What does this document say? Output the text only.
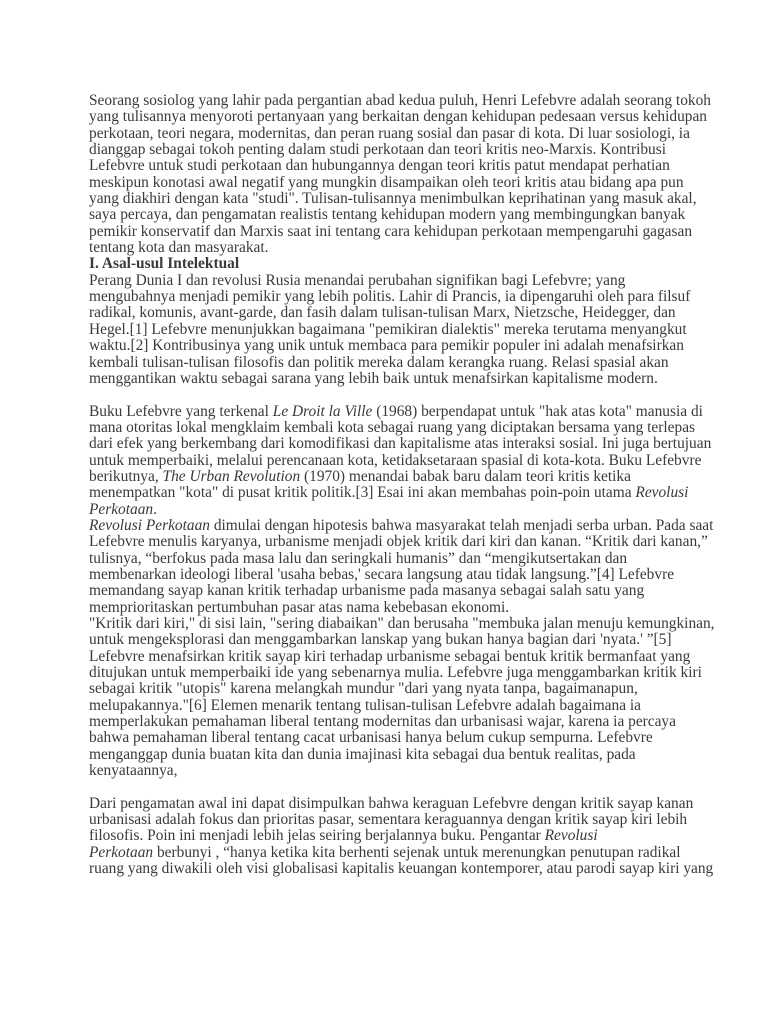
Seorang sosiolog yang lahir pada pergantian abad kedua puluh, Henri Lefebvre adalah seorang tokoh
yang tulisannya menyoroti pertanyaan yang berkaitan dengan kehidupan pedesaan versus kehidupan
perkotaan, teori negara, modernitas, dan peran ruang sosial dan pasar di kota. Di luar sosiologi, ia
dianggap sebagai tokoh penting dalam studi perkotaan dan teori kritis neo-Marxis. Kontribusi
Lefebvre untuk studi perkotaan dan hubungannya dengan teori kritis patut mendapat perhatian
meskipun konotasi awal negatif yang mungkin disampaikan oleh teori kritis atau bidang apa pun
yang diakhiri dengan kata "studi". Tulisan-tulisannya menimbulkan keprihatinan yang masuk akal,
saya percaya, dan pengamatan realistis tentang kehidupan modern yang membingungkan banyak
pemikir konservatif dan Marxis saat ini tentang cara kehidupan perkotaan mempengaruhi gagasan
tentang kota dan masyarakat.

I. Asal-usul Intelektual

Perang Dunia I dan revolusi Rusia menandai perubahan signifikan bagi Lefebvre; yang
mengubahnya menjadi pemikir yang lebih politis. Lahir di Prancis, ia dipengaruhi oleh para filsuf
radikal, komunis, avant-garde, dan fasih dalam tulisan-tulisan Marx, Nietzsche, Heidegger, dan
Hegel.[1] Lefebvre menunjukkan bagaimana "pemikiran dialektis" mereka terutama menyangkut
waktu.[2] Kontribusinya yang unik untuk membaca para pemikir populer ini adalah menafsirkan
kembali tulisan-tulisan filosofis dan politik mereka dalam kerangka ruang. Relasi spasial akan
menggantikan waktu sebagai sarana yang lebih baik untuk menafsirkan kapitalisme modern.

Buku Lefebvre yang terkenal Le Droit la Ville (1968) berpendapat untuk "hak atas kota" manusia di
mana otoritas lokal mengklaim kembali kota sebagai ruang yang diciptakan bersama yang terlepas
dari efek yang berkembang dari komodifikasi dan kapitalisme atas interaksi sosial. Ini juga bertujuan
untuk memperbaiki, melalui perencanaan kota, ketidaksetaraan spasial di kota-kota. Buku Lefebvre
berikutnya, The Urban Revolution (1970) menandai babak baru dalam teori kritis ketika
menempatkan "kota" di pusat kritik politik.[3] Esai ini akan membahas poin-poin utama Revolusi
Perkotaan.

Revolusi Perkotaan dimulai dengan hipotesis bahwa masyarakat telah menjadi serba urban. Pada saat
Lefebvre menulis karyanya, urbanisme menjadi objek kritik dari kiri dan kanan. “Kritik dari kanan,”
tulisnya, “berfokus pada masa lalu dan seringkali humanis” dan “mengikutsertakan dan
membenarkan ideologi liberal 'usaha bebas,' secara langsung atau tidak langsung.”[4] Lefebvre
memandang sayap kanan kritik terhadap urbanisme pada masanya sebagai salah satu yang
memprioritaskan pertumbuhan pasar atas nama kebebasan ekonomi.
"Kritik dari kiri," di sisi lain, "sering diabaikan" dan berusaha "membuka jalan menuju kemungkinan,
untuk mengeksplorasi dan menggambarkan lanskap yang bukan hanya bagian dari 'nyata.' ”[5]
Lefebvre menafsirkan kritik sayap kiri terhadap urbanisme sebagai bentuk kritik bermanfaat yang
ditujukan untuk memperbaiki ide yang sebenarnya mulia. Lefebvre juga menggambarkan kritik kiri
sebagai kritik "utopis" karena melangkah mundur "dari yang nyata tanpa, bagaimanapun,
melupakannya."[6] Elemen menarik tentang tulisan-tulisan Lefebvre adalah bagaimana ia
memperlakukan pemahaman liberal tentang modernitas dan urbanisasi wajar, karena ia percaya
bahwa pemahaman liberal tentang cacat urbanisasi hanya belum cukup sempurna. Lefebvre
menganggap dunia buatan kita dan dunia imajinasi kita sebagai dua bentuk realitas, pada
kenyataannya,

Dari pengamatan awal ini dapat disimpulkan bahwa keraguan Lefebvre dengan kritik sayap kanan
urbanisasi adalah fokus dan prioritas pasar, sementara keraguannya dengan kritik sayap kiri lebih
filosofis. Poin ini menjadi lebih jelas seiring berjalannya buku. Pengantar Revolusi
Perkotaan berbunyi , “hanya ketika kita berhenti sejenak untuk merenungkan penutupan radikal
ruang yang diwakili oleh visi globalisasi kapitalis keuangan kontemporer, atau parodi sayap kiri yang
